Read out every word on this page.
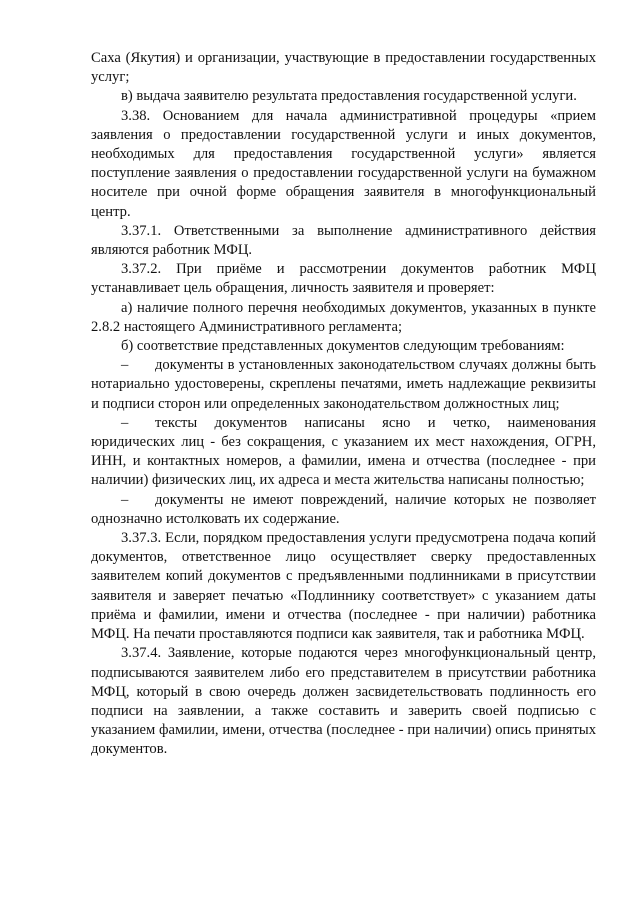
Саха (Якутия) и организации, участвующие в предоставлении государственных услуг;

в) выдача заявителю результата предоставления государственной услуги.

3.38. Основанием для начала административной процедуры «прием заявления о предоставлении государственной услуги и иных документов, необходимых для предоставления государственной услуги» является поступление заявления о предоставлении государственной услуги на бумажном носителе при очной форме обращения заявителя в многофункциональный центр.

3.37.1. Ответственными за выполнение административного действия являются работник МФЦ.

3.37.2. При приёме и рассмотрении документов работник МФЦ устанавливает цель обращения, личность заявителя и проверяет:

а) наличие полного перечня необходимых документов, указанных в пункте 2.8.2 настоящего Административного регламента;

б) соответствие представленных документов следующим требованиям:

– документы в установленных законодательством случаях должны быть нотариально удостоверены, скреплены печатями, иметь надлежащие реквизиты и подписи сторон или определенных законодательством должностных лиц;

– тексты документов написаны ясно и четко, наименования юридических лиц - без сокращения, с указанием их мест нахождения, ОГРН, ИНН, и контактных номеров, а фамилии, имена и отчества (последнее - при наличии) физических лиц, их адреса и места жительства написаны полностью;

– документы не имеют повреждений, наличие которых не позволяет однозначно истолковать их содержание.

3.37.3. Если, порядком предоставления услуги предусмотрена подача копий документов, ответственное лицо осуществляет сверку предоставленных заявителем копий документов с предъявленными подлинниками в присутствии заявителя и заверяет печатью «Подлиннику соответствует» с указанием даты приёма и фамилии, имени и отчества (последнее - при наличии) работника МФЦ. На печати проставляются подписи как заявителя, так и работника МФЦ.

3.37.4. Заявление, которые подаются через многофункциональный центр, подписываются заявителем либо его представителем в присутствии работника МФЦ, который в свою очередь должен засвидетельствовать подлинность его подписи на заявлении, а также составить и заверить своей подписью с указанием фамилии, имени, отчества (последнее - при наличии) опись принятых документов.
